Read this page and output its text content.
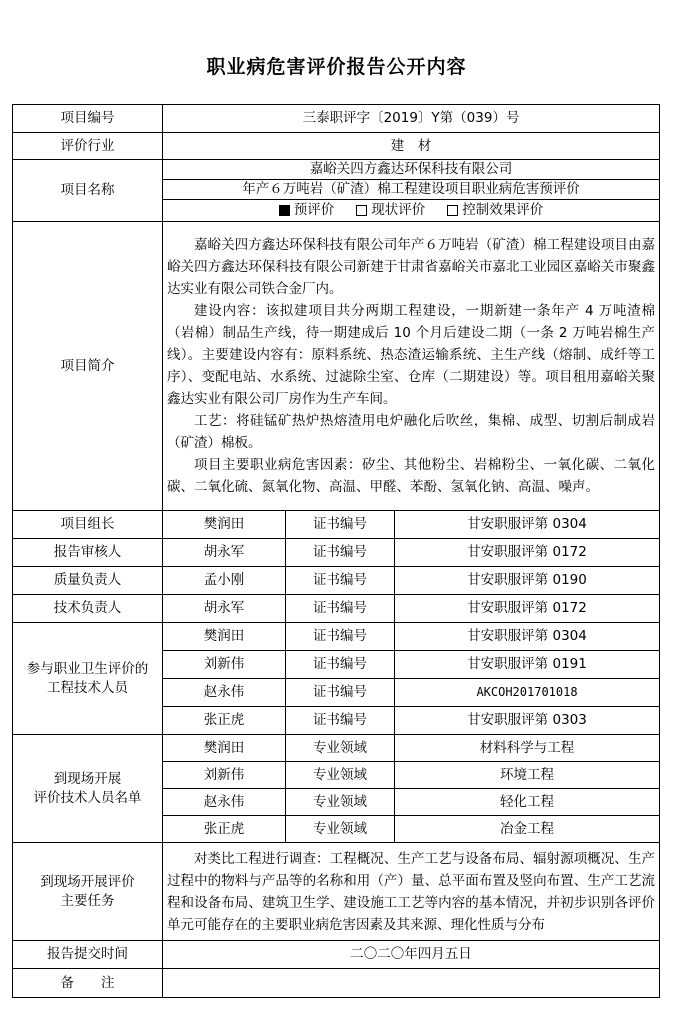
职业病危害评价报告公开内容
项目编号	三泰职评字〔2019〕Y第（039）号		
评价行业	建　材		
项目名称	嘉峪关四方鑫达环保科技有限公司		
	年产６万吨岩（矿渣）棉工程建设项目职业病危害预评价		

	预评价 现状评价 控制效果评价		

项目简介	嘉峪关四方鑫达环保科技有限公司年产６万吨岩（矿渣）棉工程建设项目由嘉峪关四方鑫达环保科技有限公司新建于甘肃省嘉峪关市嘉北工业园区嘉峪关市聚鑫达实业有限公司铁合金厂内。

建设内容：该拟建项目共分两期工程建设，一期新建一条年产 4 万吨渣棉（岩棉）制品生产线，待一期建成后 10 个月后建设二期（一条 2 万吨岩棉生产线）。主要建设内容有：原料系统、热态渣运输系统、主生产线（熔制、成纤等工序）、变配电站、水系统、过滤除尘室、仓库（二期建设）等。项目租用嘉峪关聚鑫达实业有限公司厂房作为生产车间。

工艺：将硅锰矿热炉热熔渣用电炉融化后吹丝，集棉、成型、切割后制成岩（矿渣）棉板。

项目主要职业病危害因素：矽尘、其他粉尘、岩棉粉尘、一氧化碳、二氧化碳、二氧化硫、氮氧化物、高温、甲醛、苯酚、氢氧化钠、高温、噪声。		

项目组长	樊润田	证书编号	甘安职服评第 0304
报告审核人	胡永军	证书编号	甘安职服评第 0172
质量负责人	孟小刚	证书编号	甘安职服评第 0190
技术负责人	胡永军	证书编号	甘安职服评第 0172

参与职业卫生评价的
工程技术人员	樊润田	证书编号	甘安职服评第 0304
	刘新伟	证书编号	甘安职服评第 0191
	赵永伟	证书编号	AKCOH201701018
	张正虎	证书编号	甘安职服评第 0303

到现场开展
评价技术人员名单	樊润田	专业领域	材料科学与工程
	刘新伟	专业领域	环境工程
	赵永伟	专业领域	轻化工程
	张正虎	专业领域	冶金工程

到现场开展评价
主要任务	对类比工程进行调查：工程概况、生产工艺与设备布局、辐射源项概况、生产过程中的物料与产品等的名称和用（产）量、总平面布置及竖向布置、生产工艺流程和设备布局、建筑卫生学、建设施工工艺等内容的基本情况，并初步识别各评价单元可能存在的主要职业病危害因素及其来源、理化性质与分布		

报告提交时间	二〇二〇年四月五日		
备　　注			
